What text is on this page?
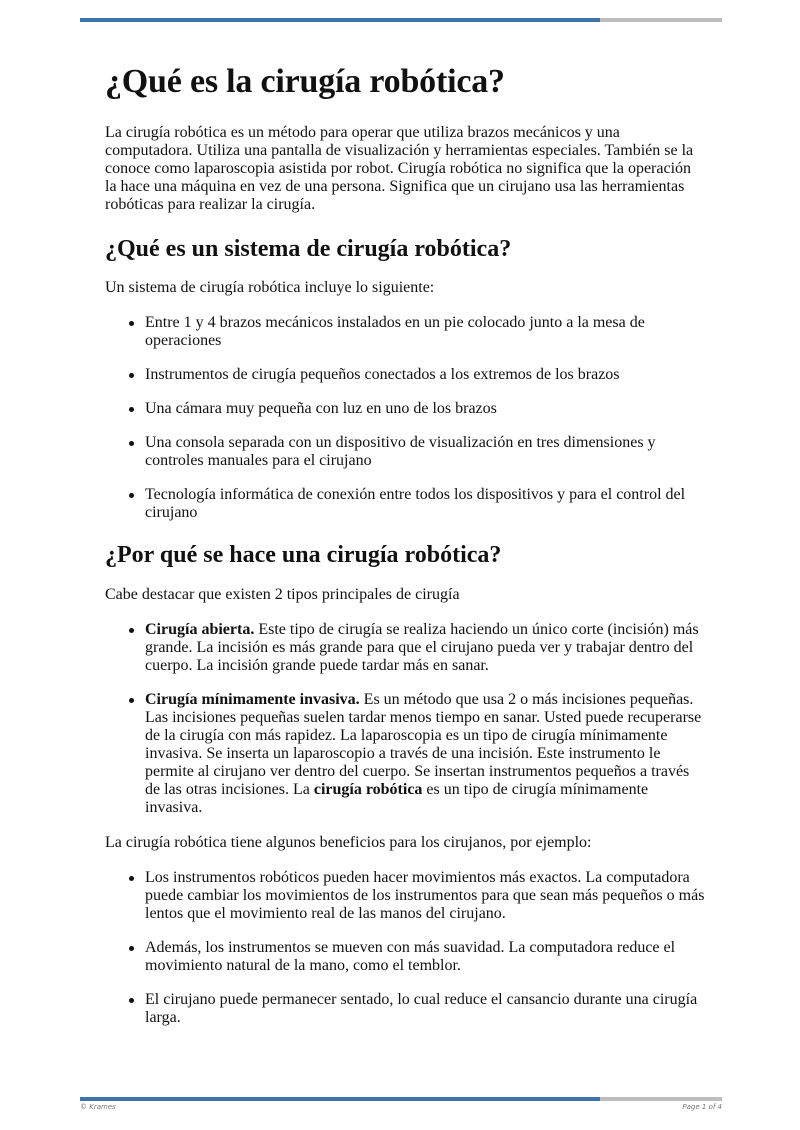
¿Qué es la cirugía robótica?

La cirugía robótica es un método para operar que utiliza brazos mecánicos y una computadora. Utiliza una pantalla de visualización y herramientas especiales. También se la conoce como laparoscopia asistida por robot. Cirugía robótica no significa que la operación la hace una máquina en vez de una persona. Significa que un cirujano usa las herramientas robóticas para realizar la cirugía.

¿Qué es un sistema de cirugía robótica?

Un sistema de cirugía robótica incluye lo siguiente:

Entre 1 y 4 brazos mecánicos instalados en un pie colocado junto a la mesa de operaciones
Instrumentos de cirugía pequeños conectados a los extremos de los brazos
Una cámara muy pequeña con luz en uno de los brazos
Una consola separada con un dispositivo de visualización en tres dimensiones y controles manuales para el cirujano
Tecnología informática de conexión entre todos los dispositivos y para el control del cirujano
¿Por qué se hace una cirugía robótica?

Cabe destacar que existen 2 tipos principales de cirugía

Cirugía abierta. Este tipo de cirugía se realiza haciendo un único corte (incisión) más grande. La incisión es más grande para que el cirujano pueda ver y trabajar dentro del cuerpo. La incisión grande puede tardar más en sanar.
Cirugía mínimamente invasiva. Es un método que usa 2 o más incisiones pequeñas. Las incisiones pequeñas suelen tardar menos tiempo en sanar. Usted puede recuperarse de la cirugía con más rapidez. La laparoscopia es un tipo de cirugía mínimamente invasiva. Se inserta un laparoscopio a través de una incisión. Este instrumento le permite al cirujano ver dentro del cuerpo. Se insertan instrumentos pequeños a través de las otras incisiones. La cirugía robótica es un tipo de cirugía mínimamente invasiva.

La cirugía robótica tiene algunos beneficios para los cirujanos, por ejemplo:

Los instrumentos robóticos pueden hacer movimientos más exactos. La computadora puede cambiar los movimientos de los instrumentos para que sean más pequeños o más lentos que el movimiento real de las manos del cirujano.
Además, los instrumentos se mueven con más suavidad. La computadora reduce el movimiento natural de la mano, como el temblor.
El cirujano puede permanecer sentado, lo cual reduce el cansancio durante una cirugía larga.
© Krames	Page 1 of 4
